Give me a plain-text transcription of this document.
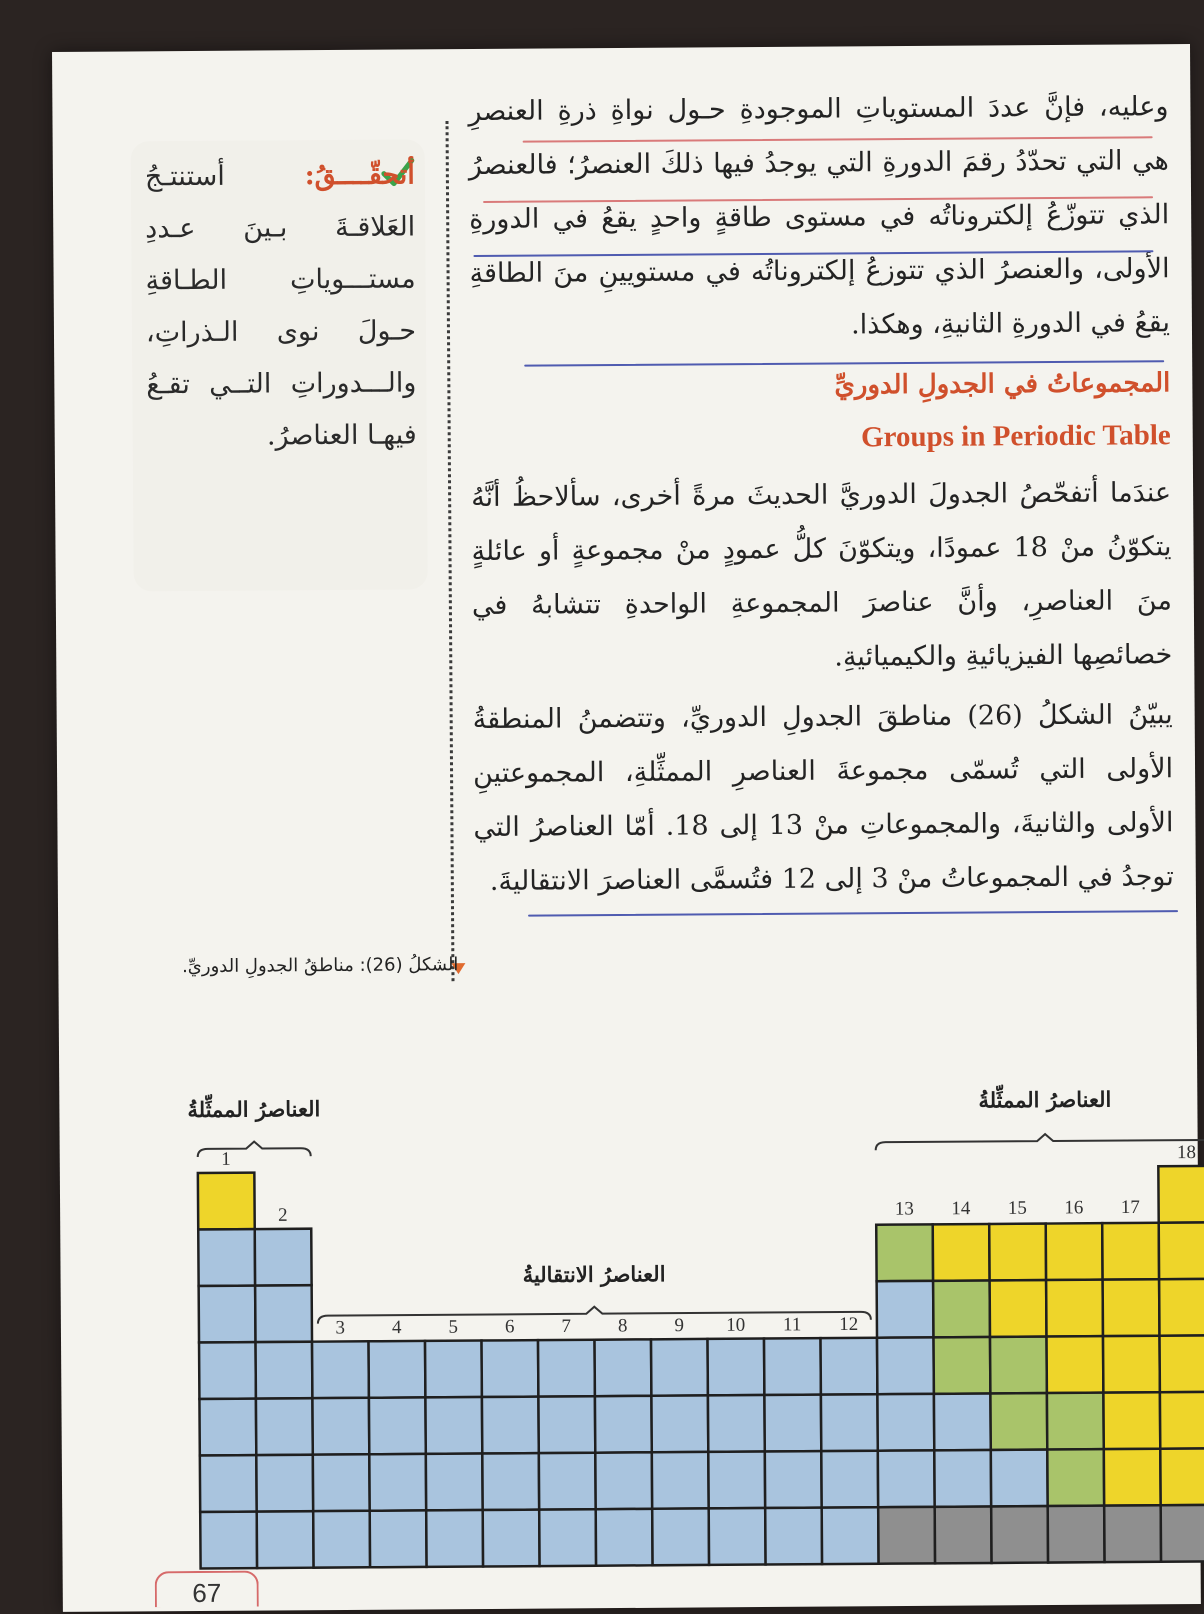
أتحقّــــقُ: أستنتـجُ العَلاقـةَ بـينَ عـددِ مستـــوياتِ الطـاقةِ حـولَ نوى الـذراتِ، والـــدوراتِ التــي تقـعُ فيهـا العناصرُ.

وعليه، فإنَّ عددَ المستوياتِ الموجودةِ حـول نواةِ ذرةِ العنصرِ هي التي تحدّدُ رقمَ الدورةِ التي يوجدُ فيها ذلكَ العنصرُ؛ فالعنصرُ الذي تتوزّعُ إلكتروناتُه في مستوى طاقةٍ واحدٍ يقعُ في الدورةِ الأولى، والعنصرُ الذي تتوزعُ إلكتروناتُه في مستويينِ منَ الطاقةِ يقعُ في الدورةِ الثانيةِ، وهكذا.

المجموعاتُ في الجدولِ الدوريِّ
Groups in Periodic Table

عندَما أتفحّصُ الجدولَ الدوريَّ الحديثَ مرةً أخرى، سألاحظُ أنَّهُ يتكوّنُ منْ 18 عمودًا، ويتكوّنَ كلُّ عمودٍ منْ مجموعةٍ أو عائلةٍ منَ العناصرِ، وأنَّ عناصرَ المجموعةِ الواحدةِ تتشابهُ في خصائصِها الفيزيائيةِ والكيميائيةِ.

يبيّنُ الشكلُ (26) مناطقَ الجدولِ الدوريِّ، وتتضمنُ المنطقةُ الأولى التي تُسمّى مجموعةَ العناصرِ الممثِّلةِ، المجموعتينِ الأولى والثانيةَ، والمجموعاتِ منْ 13 إلى 18. أمّا العناصرُ التي توجدُ في المجموعاتُ منْ 3 إلى 12 فتُسمَّى العناصرَ الانتقاليةَ.

الشكلُ (26): مناطقُ الجدولِ الدوريِّ.
1
2
3 4 5 6 7 8 9 10 11 12
13 14 15 16 17
18
العناصرُ الممثِّلةُ
العناصرُ الانتقاليةُ
العناصرُ الممثِّلةُ
67
